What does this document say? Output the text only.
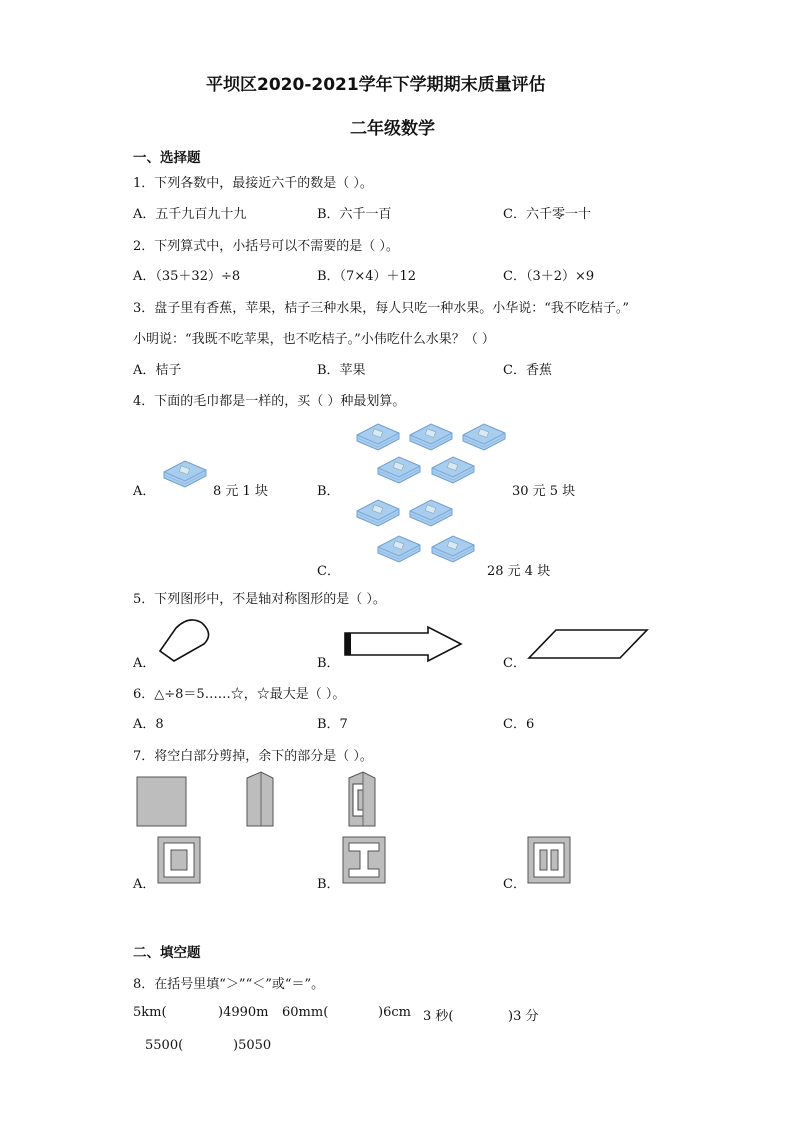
平坝区2020-2021学年下学期期末质量评估
二年级数学
一、选择题
1．下列各数中，最接近六千的数是（ ）。
A．五千九百九十九	B．六千一百	C．六千零一十
2．下列算式中，小括号可以不需要的是（ ）。
A．（35＋32）÷8	B．（7×4）＋12	C．（3＋2）×9
3．盘子里有香蕉，苹果，桔子三种水果，每人只吃一种水果。小华说：“我不吃桔子。”
小明说：“我既不吃苹果，也不吃桔子。”小伟吃什么水果？（ ）
A．桔子	B．苹果	C．香蕉
4．下面的毛巾都是一样的，买（ ）种最划算。
A．	8 元 1 块	B．	30 元 5 块
C．	28 元 4 块
5．下列图形中，不是轴对称图形的是（ ）。
A．	B．	C．
6．△÷8＝5……☆，☆最大是（ ）。
A．8	B．7	C．6
7．将空白部分剪掉，余下的部分是（ ）。
A．	B．	C．
二、填空题
8．在括号里填“＞”“＜”或“＝”。
5km(	)4990m 60mm(	)6cm 3 秒(	)3 分
5500(	)5050
